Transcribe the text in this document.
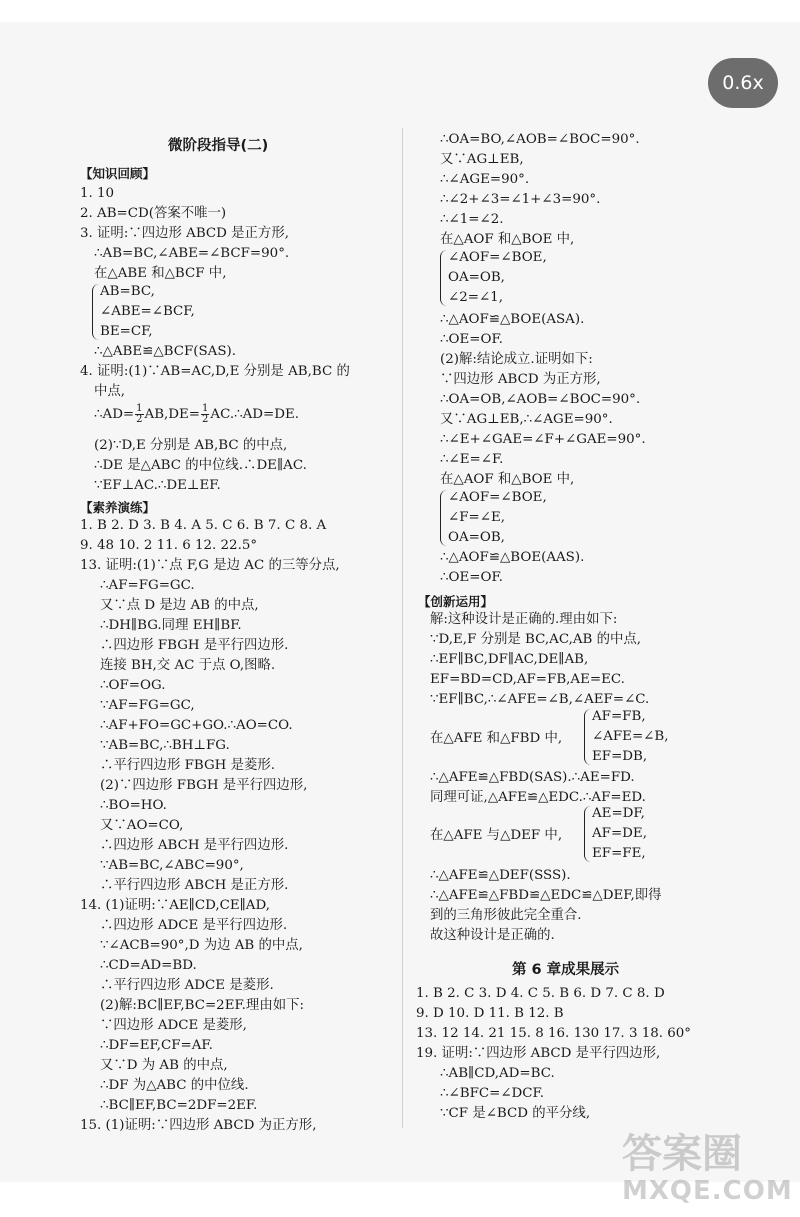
0.6x
微阶段指导(二)
【知识回顾】
1. 10
2. AB=CD(答案不唯一)
3. 证明:∵四边形 ABCD 是正方形,
∴AB=BC,∠ABE=∠BCF=90°.
在△ABE 和△BCF 中,
AB=BC,
∠ABE=∠BCF,
BE=CF,
∴△ABE≌△BCF(SAS).
4. 证明:(1)∵AB=AC,D,E 分别是 AB,BC 的
中点,
∴AD= $\frac{1}{2} AB,DE= \frac{1}{2}$ AC.∴AD=DE.
(2)∵D,E 分别是 AB,BC 的中点,
∴DE 是△ABC 的中位线.∴DE∥AC.
∵EF⊥AC.∴DE⊥EF.
【素养演练】
1. B 2. D 3. B 4. A 5. C 6. B 7. C 8. A
9. 48 10. 2 11. 6 12. 22.5°
13. 证明:(1)∵点 F,G 是边 AC 的三等分点,
∴AF=FG=GC.
又∵点 D 是边 AB 的中点,
∴DH∥BG.同理 EH∥BF.
∴四边形 FBGH 是平行四边形.
连接 BH,交 AC 于点 O,图略.
∴OF=OG.
∵AF=FG=GC,
∴AF+FO=GC+GO.∴AO=CO.
∵AB=BC,∴BH⊥FG.
∴平行四边形 FBGH 是菱形.
(2)∵四边形 FBGH 是平行四边形,
∴BO=HO.
又∵AO=CO,
∴四边形 ABCH 是平行四边形.
∵AB=BC,∠ABC=90°,
∴平行四边形 ABCH 是正方形.
14. (1)证明:∵AE∥CD,CE∥AD,
∴四边形 ADCE 是平行四边形.
∵∠ACB=90°,D 为边 AB 的中点,
∴CD=AD=BD.
∴平行四边形 ADCE 是菱形.
(2)解:BC∥EF,BC=2EF.理由如下:
∵四边形 ADCE 是菱形,
∴DF=EF,CF=AF.
又∵D 为 AB 的中点,
∴DF 为△ABC 的中位线.
∴BC∥EF,BC=2DF=2EF.
15. (1)证明:∵四边形 ABCD 为正方形,
∴OA=BO,∠AOB=∠BOC=90°.
又∵AG⊥EB,
∴∠AGE=90°.
∴∠2+∠3=∠1+∠3=90°.
∴∠1=∠2.
在△AOF 和△BOE 中,
∠AOF=∠BOE,
OA=OB,
∠2=∠1,
∴△AOF≌△BOE(ASA).
∴OE=OF.
(2)解:结论成立.证明如下:
∵四边形 ABCD 为正方形,
∴OA=OB,∠AOB=∠BOC=90°.
又∵AG⊥EB,∴∠AGE=90°.
∴∠E+∠GAE=∠F+∠GAE=90°.
∴∠E=∠F.
在△AOF 和△BOE 中,
∠AOF=∠BOE,
∠F=∠E,
OA=OB,
∴△AOF≌△BOE(AAS).
∴OE=OF.
【创新运用】
解:这种设计是正确的.理由如下:
∵D,E,F 分别是 BC,AC,AB 的中点,
∴EF∥BC,DF∥AC,DE∥AB,
EF=BD=CD,AF=FB,AE=EC.
∵EF∥BC,∴∠AFE=∠B,∠AEF=∠C.
在△AFE 和△FBD 中,
AF=FB,
∠AFE=∠B,
EF=DB,
∴△AFE≌△FBD(SAS).∴AE=FD.
同理可证,△AFE≌△EDC.∴AF=ED.
在△AFE 与△DEF 中,
AE=DF,
AF=DE,
EF=FE,
∴△AFE≌△DEF(SSS).
∴△AFE≌△FBD≌△EDC≌△DEF,即得
到的三角形彼此完全重合.
故这种设计是正确的.
第 6 章成果展示
1. B 2. C 3. D 4. C 5. B 6. D 7. C 8. D
9. D 10. D 11. B 12. B
13. 12 14. 21 15. 8 16. 130 17. 3 18. 60°
19. 证明:∵四边形 ABCD 是平行四边形,
∴AB∥CD,AD=BC.
∴∠BFC=∠DCF.
∵CF 是∠BCD 的平分线,
答案圈
MXQE.COM
